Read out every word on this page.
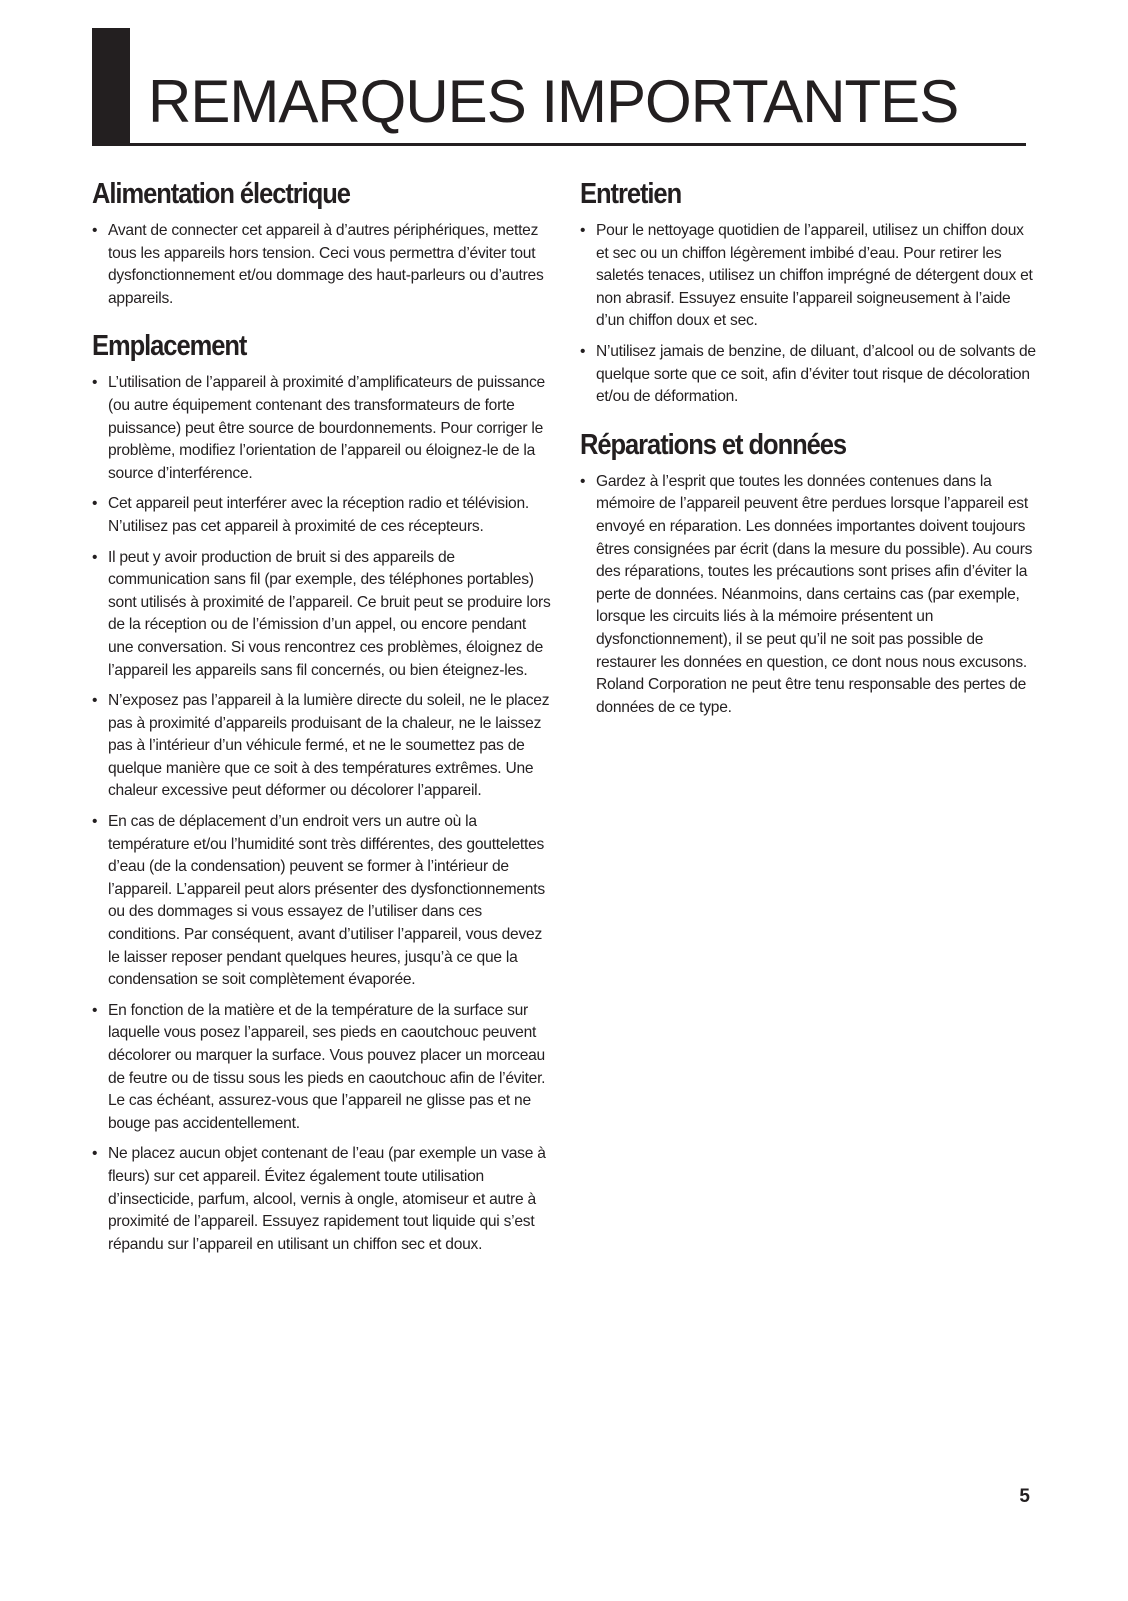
REMARQUES IMPORTANTES
Alimentation électrique
• Avant de connecter cet appareil à d’autres périphériques, mettez tous les appareils hors tension. Ceci vous permettra d’éviter tout dysfonctionnement et/ou dommage des haut-parleurs ou d’autres appareils.
Emplacement
• L’utilisation de l’appareil à proximité d’amplificateurs de puissance (ou autre équipement contenant des transformateurs de forte puissance) peut être source de bourdonnements. Pour corriger le problème, modifiez l’orientation de l’appareil ou éloignez-le de la source d’interférence.
• Cet appareil peut interférer avec la réception radio et télévision. N’utilisez pas cet appareil à proximité de ces récepteurs.
• Il peut y avoir production de bruit si des appareils de communication sans fil (par exemple, des téléphones portables) sont utilisés à proximité de l’appareil. Ce bruit peut se produire lors de la réception ou de l’émission d’un appel, ou encore pendant une conversation. Si vous rencontrez ces problèmes, éloignez de l’appareil les appareils sans fil concernés, ou bien éteignez-les.
• N’exposez pas l’appareil à la lumière directe du soleil, ne le placez pas à proximité d’appareils produisant de la chaleur, ne le laissez pas à l’intérieur d’un véhicule fermé, et ne le soumettez pas de quelque manière que ce soit à des températures extrêmes. Une chaleur excessive peut déformer ou décolorer l’appareil.
• En cas de déplacement d’un endroit vers un autre où la température et/ou l’humidité sont très différentes, des gouttelettes d’eau (de la condensation) peuvent se former à l’intérieur de l’appareil. L’appareil peut alors présenter des dysfonctionnements ou des dommages si vous essayez de l’utiliser dans ces conditions. Par conséquent, avant d’utiliser l’appareil, vous devez le laisser reposer pendant quelques heures, jusqu’à ce que la condensation se soit complètement évaporée.
• En fonction de la matière et de la température de la surface sur laquelle vous posez l’appareil, ses pieds en caoutchouc peuvent décolorer ou marquer la surface. Vous pouvez placer un morceau de feutre ou de tissu sous les pieds en caoutchouc afin de l’éviter. Le cas échéant, assurez-vous que l’appareil ne glisse pas et ne bouge pas accidentellement.
• Ne placez aucun objet contenant de l’eau (par exemple un vase à fleurs) sur cet appareil. Évitez également toute utilisation d’insecticide, parfum, alcool, vernis à ongle, atomiseur et autre à proximité de l’appareil. Essuyez rapidement tout liquide qui s’est répandu sur l’appareil en utilisant un chiffon sec et doux.
Entretien
• Pour le nettoyage quotidien de l’appareil, utilisez un chiffon doux et sec ou un chiffon légèrement imbibé d’eau. Pour retirer les saletés tenaces, utilisez un chiffon imprégné de détergent doux et non abrasif. Essuyez ensuite l’appareil soigneusement à l’aide d’un chiffon doux et sec.
• N’utilisez jamais de benzine, de diluant, d’alcool ou de solvants de quelque sorte que ce soit, afin d’éviter tout risque de décoloration et/ou de déformation.
Réparations et données
• Gardez à l’esprit que toutes les données contenues dans la mémoire de l’appareil peuvent être perdues lorsque l’appareil est envoyé en réparation. Les données importantes doivent toujours êtres consignées par écrit (dans la mesure du possible). Au cours des réparations, toutes les précautions sont prises afin d’éviter la perte de données. Néanmoins, dans certains cas (par exemple, lorsque les circuits liés à la mémoire présentent un dysfonctionnement), il se peut qu’il ne soit pas possible de restaurer les données en question, ce dont nous nous excusons. Roland Corporation ne peut être tenu responsable des pertes de données de ce type.
5
